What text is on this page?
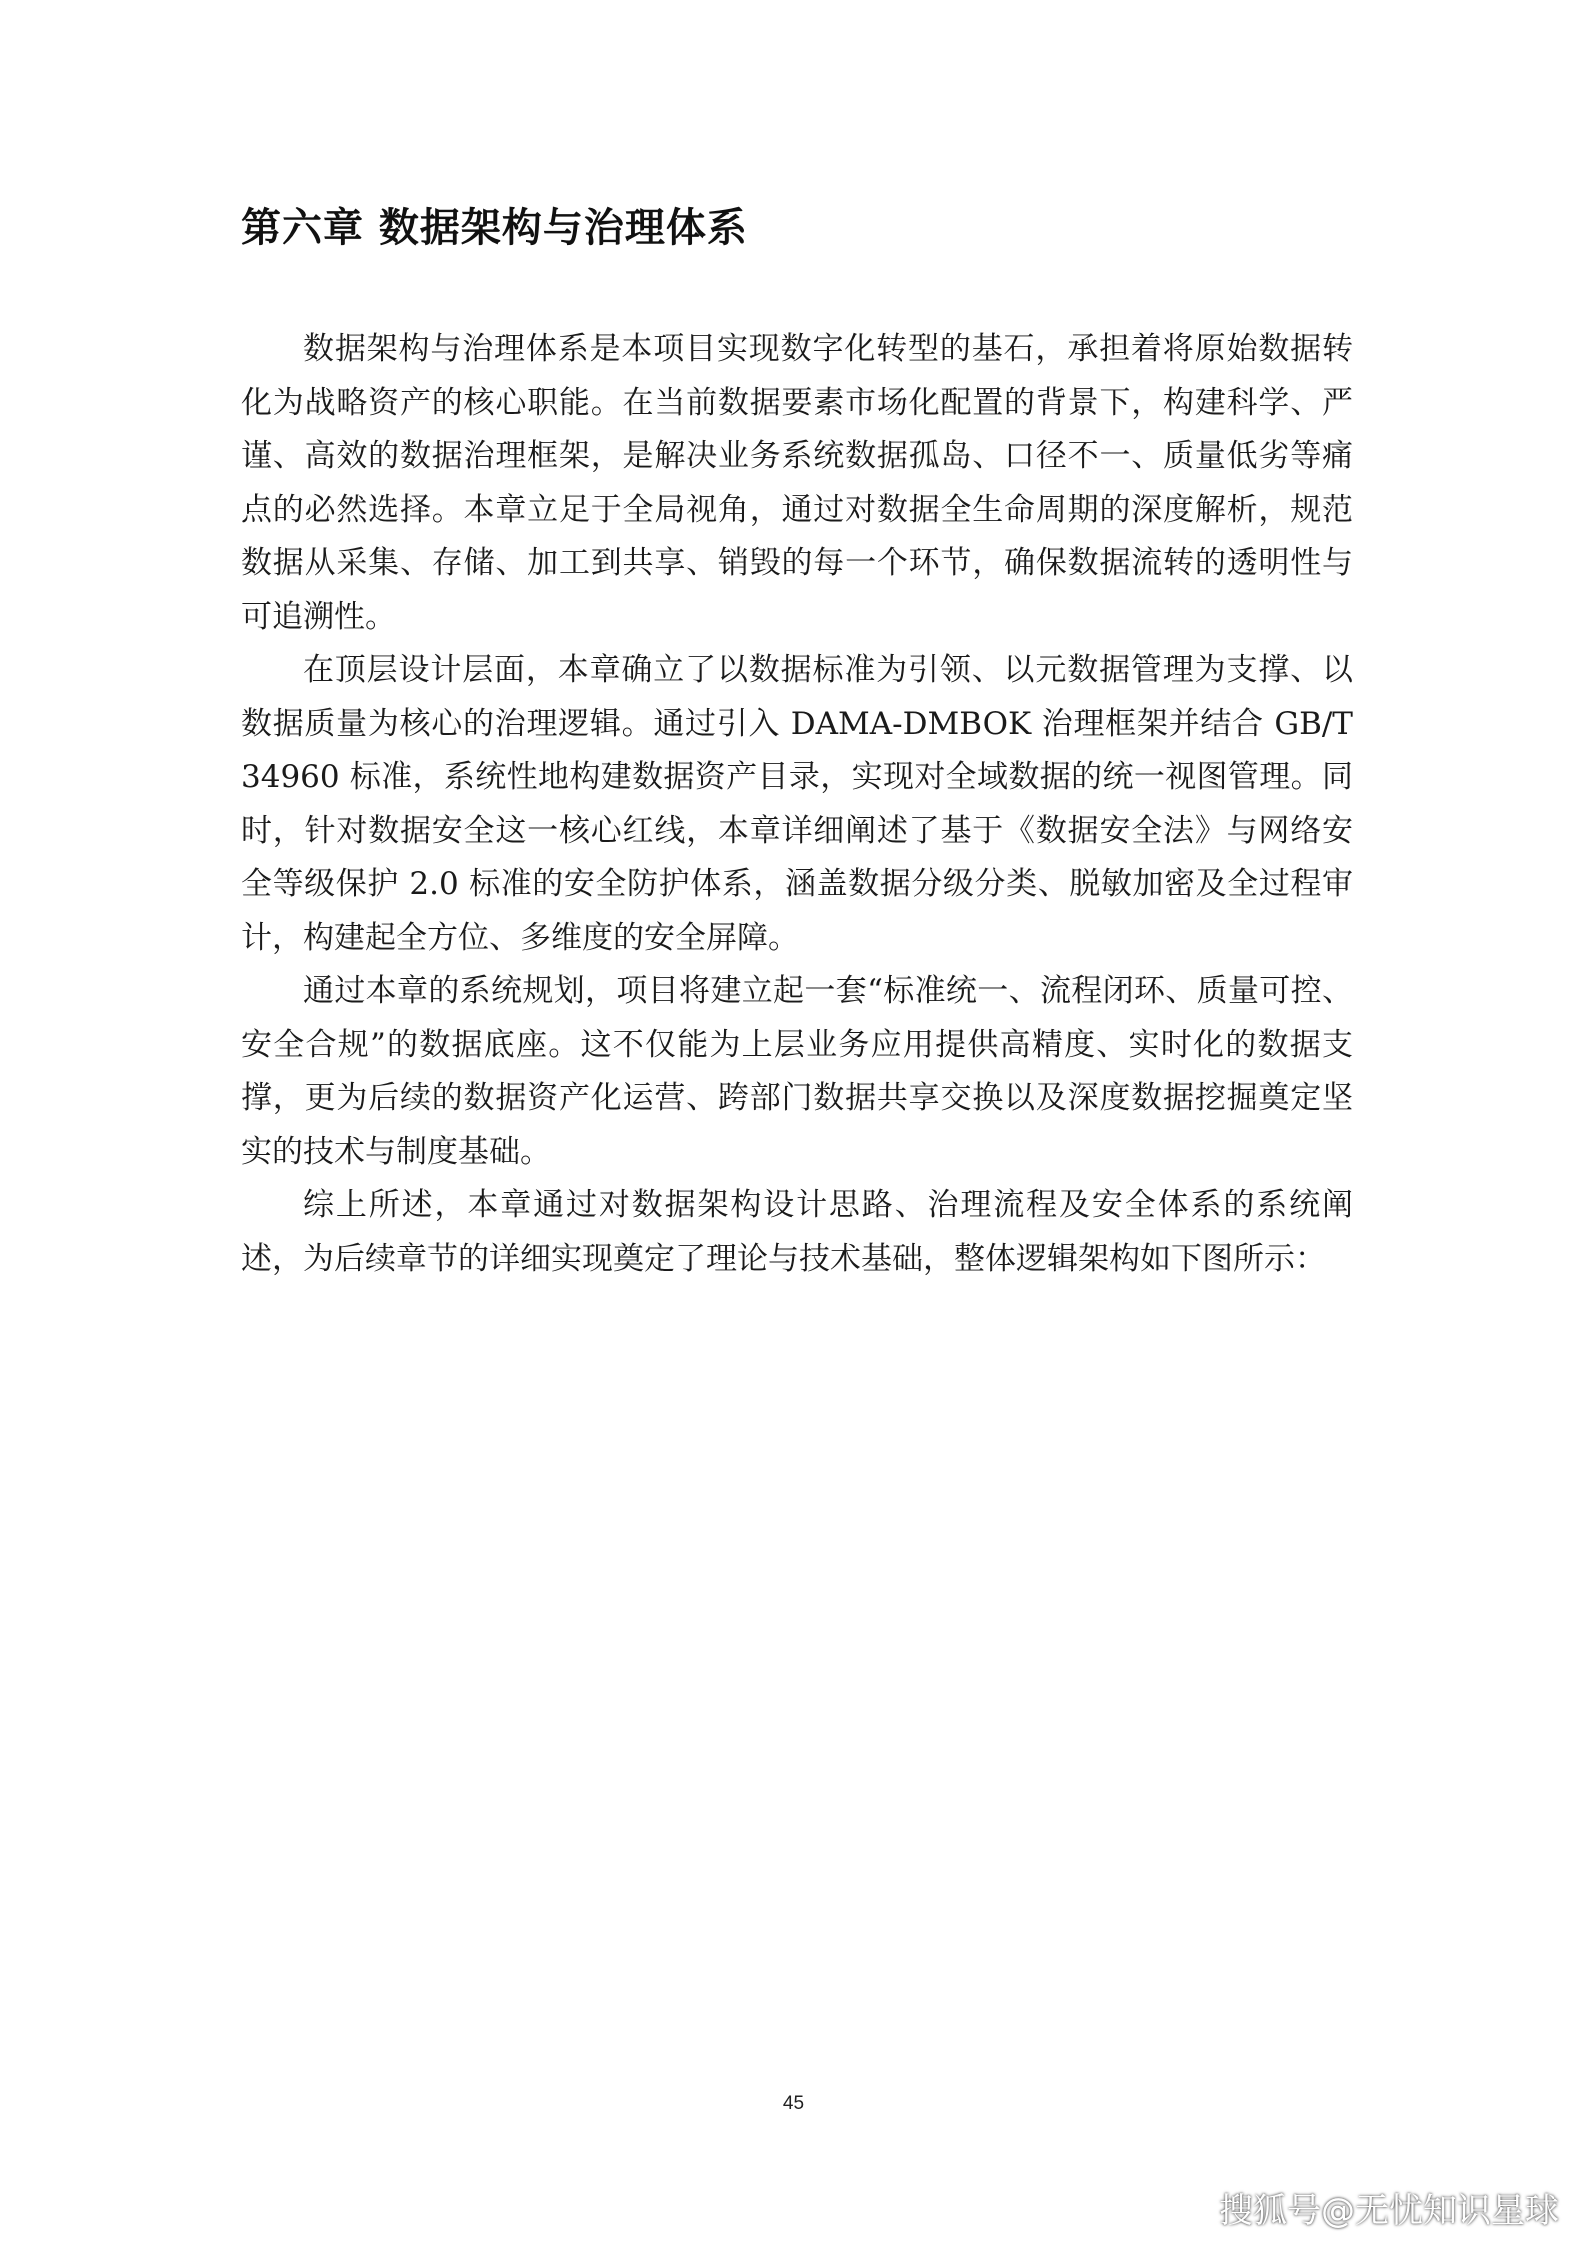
第六章 数据架构与治理体系

数据架构与治理体系是本项目实现数字化转型的基石，承担着将原始数据转化为战略资产的核心职能。在当前数据要素市场化配置的背景下，构建科学、严谨、高效的数据治理框架，是解决业务系统数据孤岛、口径不一、质量低劣等痛点的必然选择。本章立足于全局视角，通过对数据全生命周期的深度解析，规范数据从采集、存储、加工到共享、销毁的每一个环节，确保数据流转的透明性与可追溯性。

在顶层设计层面，本章确立了以数据标准为引领、以元数据管理为支撑、以数据质量为核心的治理逻辑。通过引入 DAMA-DMBOK 治理框架并结合 GB/T 34960 标准，系统性地构建数据资产目录，实现对全域数据的统一视图管理。同时，针对数据安全这一核心红线，本章详细阐述了基于《数据安全法》与网络安全等级保护 2.0 标准的安全防护体系，涵盖数据分级分类、脱敏加密及全过程审计，构建起全方位、多维度的安全屏障。

通过本章的系统规划，项目将建立起一套“标准统一、流程闭环、质量可控、安全合规”的数据底座。这不仅能为上层业务应用提供高精度、实时化的数据支撑，更为后续的数据资产化运营、跨部门数据共享交换以及深度数据挖掘奠定坚实的技术与制度基础。

综上所述，本章通过对数据架构设计思路、治理流程及安全体系的系统阐述，为后续章节的详细实现奠定了理论与技术基础，整体逻辑架构如下图所示：

45
搜狐号@无忧知识星球
